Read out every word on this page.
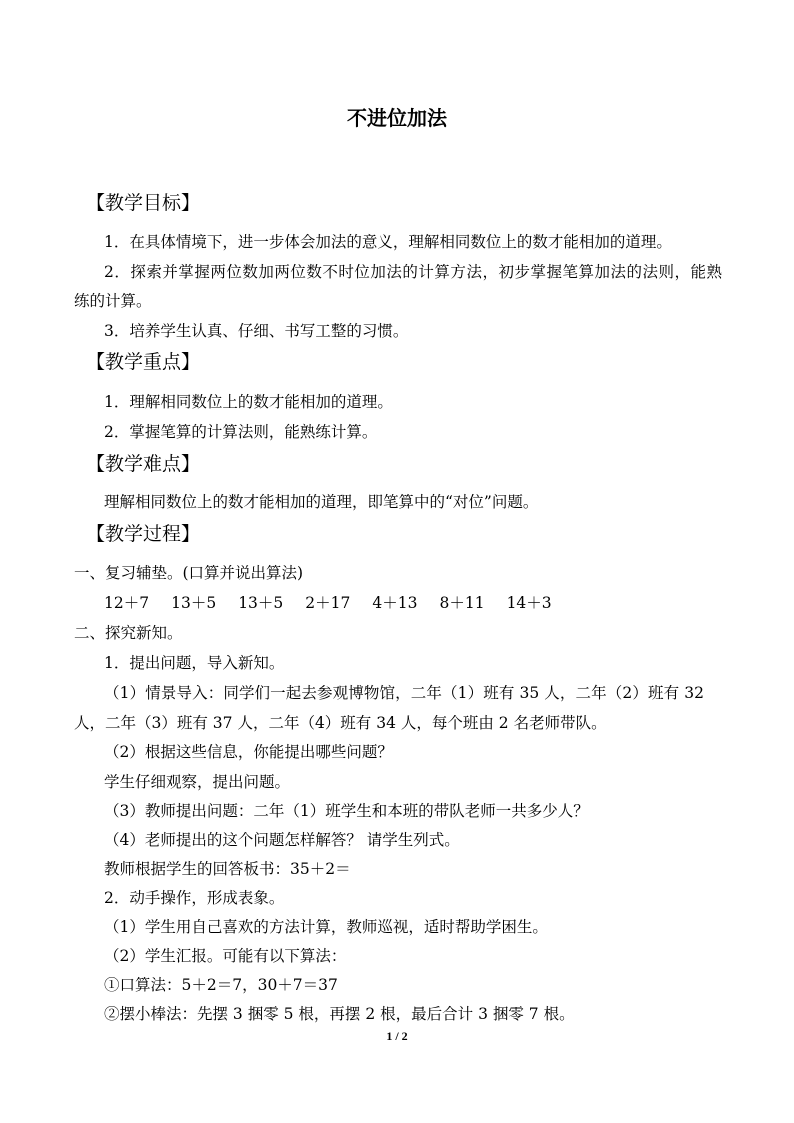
不进位加法
【教学目标】
1．在具体情境下，进一步体会加法的意义，理解相同数位上的数才能相加的道理。
2．探索并掌握两位数加两位数不时位加法的计算方法，初步掌握笔算加法的法则，能熟
练的计算。
3．培养学生认真、仔细、书写工整的习惯。
【教学重点】
1．理解相同数位上的数才能相加的道理。
2．掌握笔算的计算法则，能熟练计算。
【教学难点】
理解相同数位上的数才能相加的道理，即笔算中的“对位”问题。
【教学过程】
一、复习辅垫。(口算并说出算法)
12＋7 13＋5 13＋5 2＋17 4＋13 8＋11 14＋3
二、探究新知。
1．提出问题，导入新知。
（1）情景导入：同学们一起去参观博物馆，二年（1）班有 35 人，二年（2）班有 32
人，二年（3）班有 37 人，二年（4）班有 34 人，每个班由 2 名老师带队。
（2）根据这些信息，你能提出哪些问题？
学生仔细观察，提出问题。
（3）教师提出问题：二年（1）班学生和本班的带队老师一共多少人？
（4）老师提出的这个问题怎样解答？ 请学生列式。
教师根据学生的回答板书：35＋2＝
2．动手操作，形成表象。
（1）学生用自己喜欢的方法计算，教师巡视，适时帮助学困生。
（2）学生汇报。可能有以下算法：
①口算法：5＋2＝7，30＋7＝37
②摆小棒法：先摆 3 捆零 5 根，再摆 2 根，最后合计 3 捆零 7 根。
1 / 2
